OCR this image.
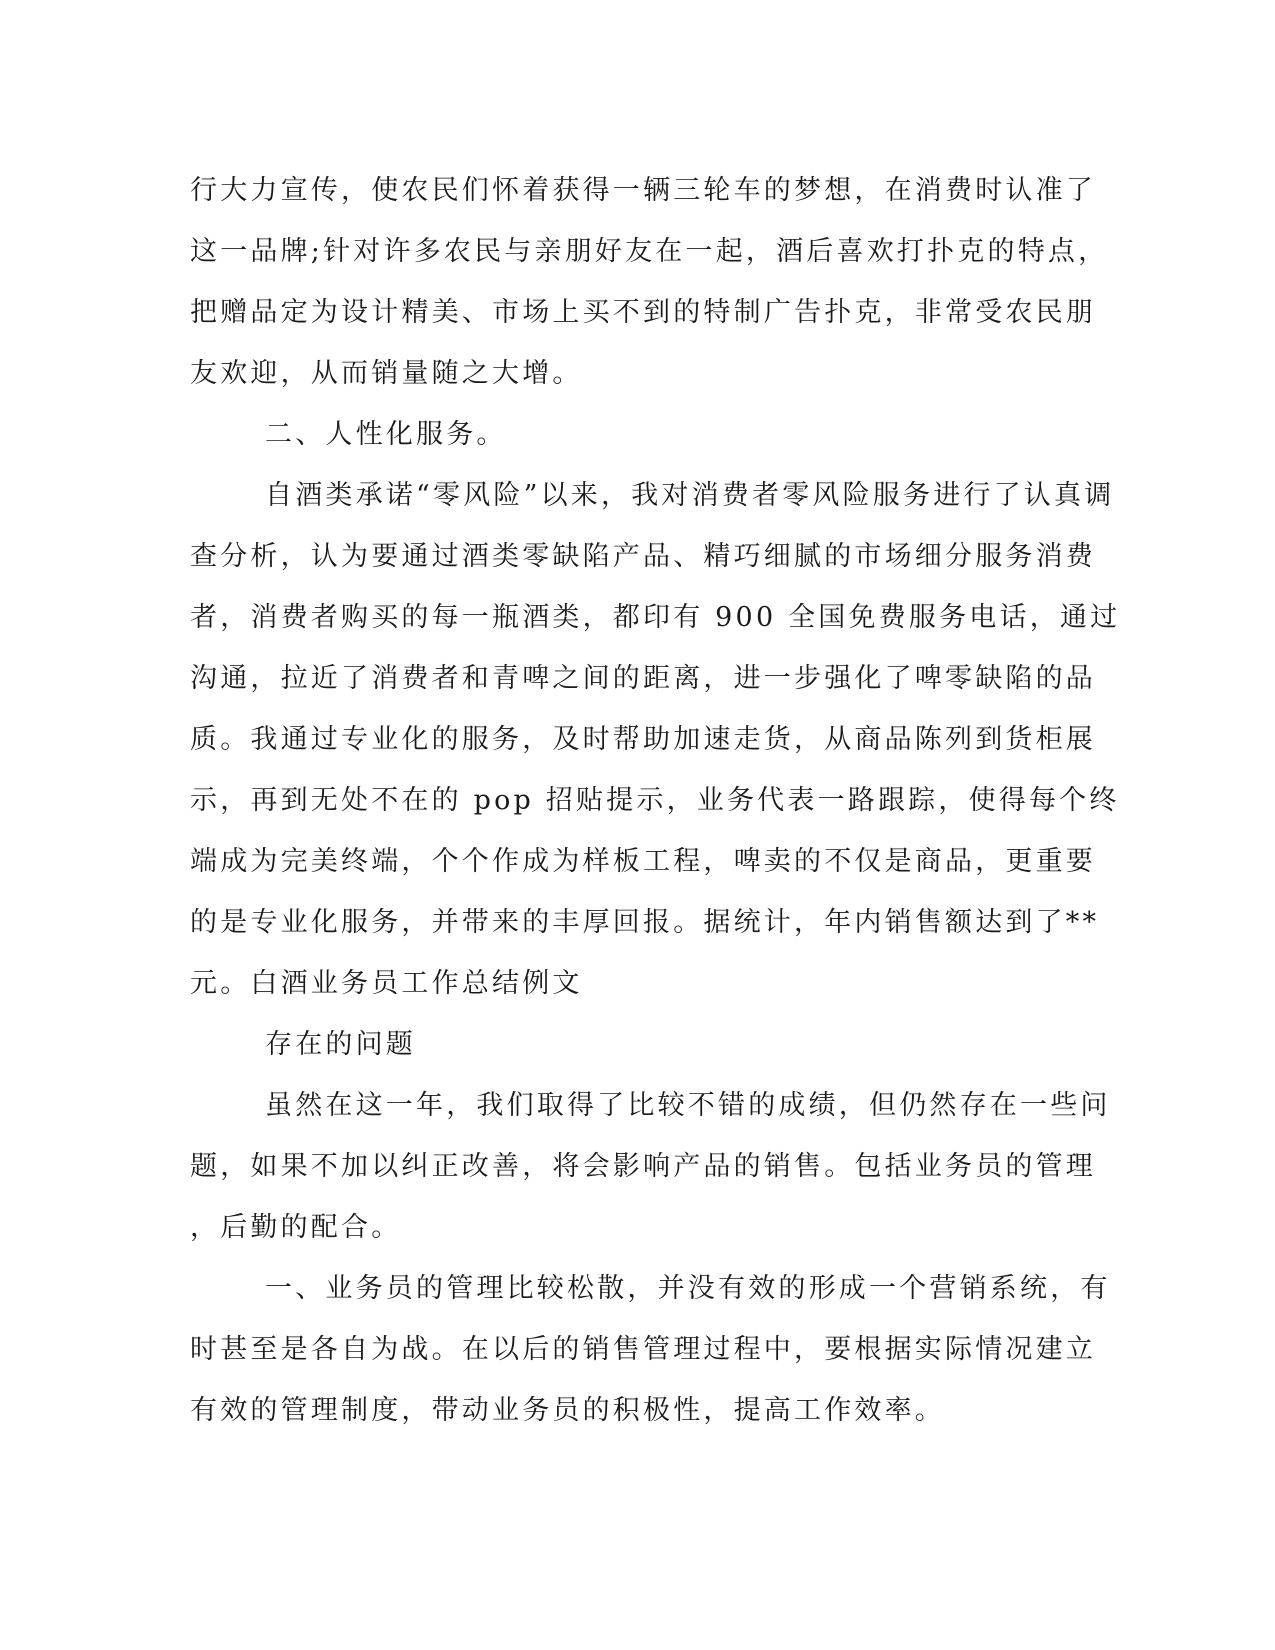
行大力宣传，使农民们怀着获得一辆三轮车的梦想，在消费时认准了
这一品牌;针对许多农民与亲朋好友在一起，酒后喜欢打扑克的特点，
把赠品定为设计精美、市场上买不到的特制广告扑克，非常受农民朋
友欢迎，从而销量随之大增。
二、人性化服务。
自酒类承诺“零风险”以来，我对消费者零风险服务进行了认真调
查分析，认为要通过酒类零缺陷产品、精巧细腻的市场细分服务消费
者，消费者购买的每一瓶酒类，都印有 900 全国免费服务电话，通过
沟通，拉近了消费者和青啤之间的距离，进一步强化了啤零缺陷的品
质。我通过专业化的服务，及时帮助加速走货，从商品陈列到货柜展
示，再到无处不在的 pop 招贴提示，业务代表一路跟踪，使得每个终
端成为完美终端，个个作成为样板工程，啤卖的不仅是商品，更重要
的是专业化服务，并带来的丰厚回报。据统计，年内销售额达到了**
元。白酒业务员工作总结例文
存在的问题
虽然在这一年，我们取得了比较不错的成绩，但仍然存在一些问
题，如果不加以纠正改善，将会影响产品的销售。包括业务员的管理
，后勤的配合。
一、业务员的管理比较松散，并没有效的形成一个营销系统，有
时甚至是各自为战。在以后的销售管理过程中，要根据实际情况建立
有效的管理制度，带动业务员的积极性，提高工作效率。
